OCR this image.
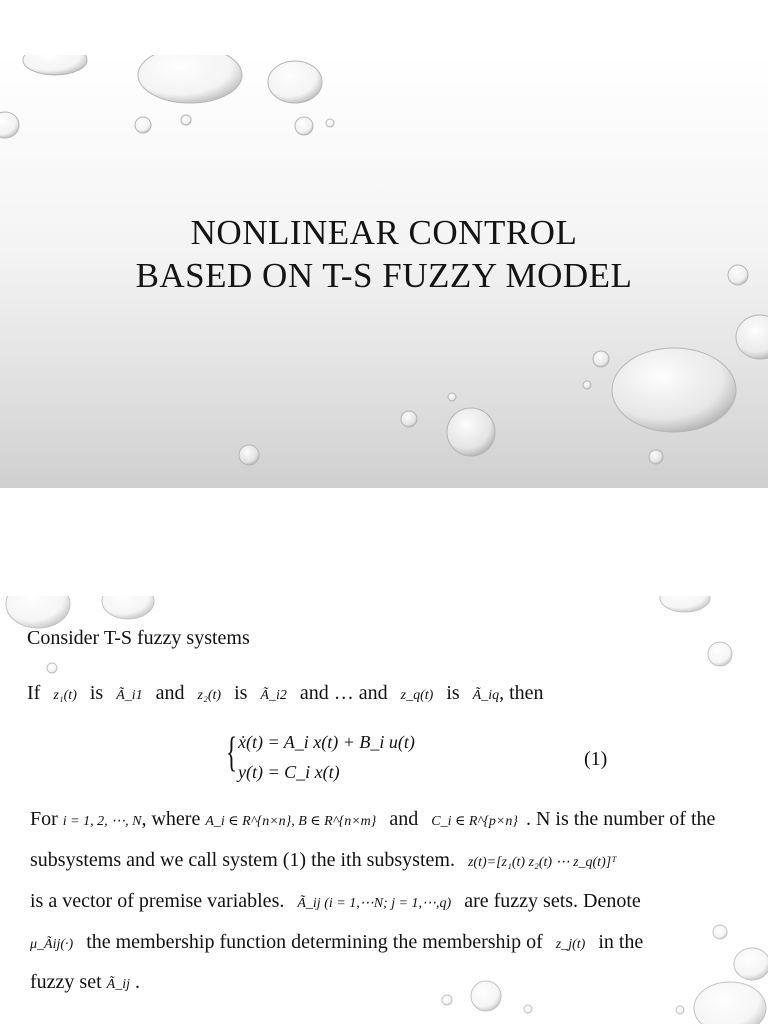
NONLINEAR CONTROL
BASED ON T-S FUZZY MODEL
Consider T-S fuzzy systems
If z₁(t) is Ã_i1 and z₂(t) is Ã_i2 and … and z_q(t) is Ã_iq, then
{ ẋ(t) = A_i x(t) + B_i u(t)
y(t) = C_i x(t)
(1)
For i = 1, 2, ⋯, N, where A_i ∈ R^{n×n}, B ∈ R^{n×m} and C_i ∈ R^{p×n} . N is the number of the
subsystems and we call system (1) the ith subsystem. z(t)=[z₁(t) z₂(t) ⋯ z_q(t)]ᵀ
is a vector of premise variables. Ã_ij (i = 1,⋯N; j = 1,⋯,q) are fuzzy sets. Denote
μ_Ãij(·) the membership function determining the membership of z_j(t) in the
fuzzy set Ã_ij .
